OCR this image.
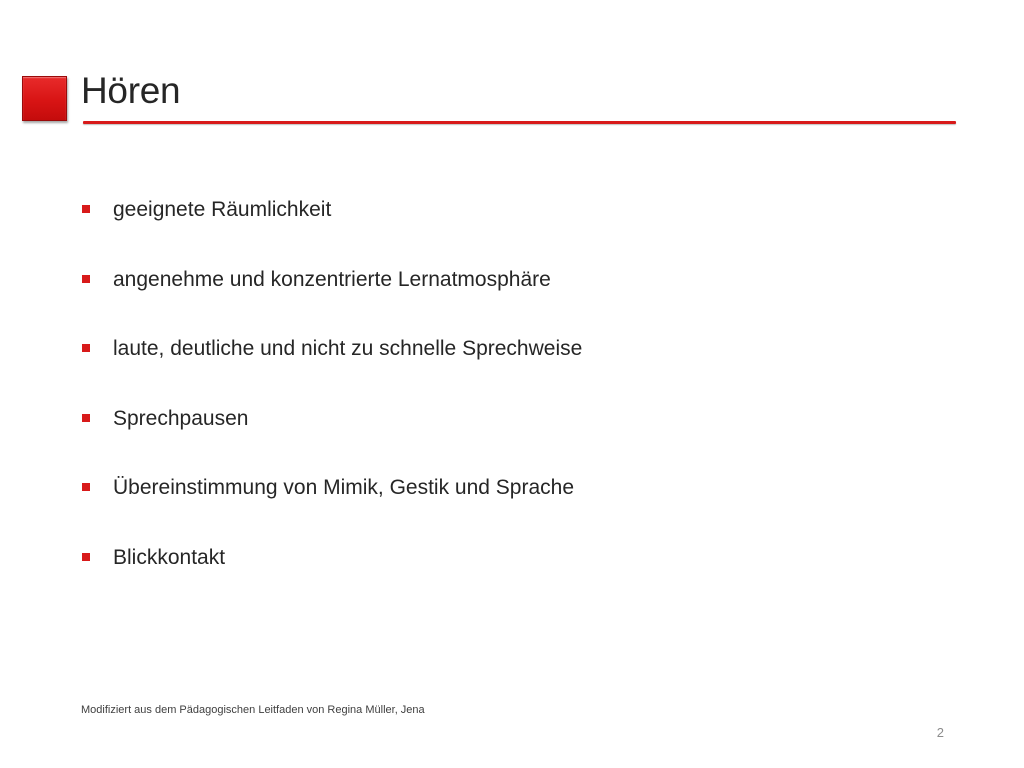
Hören
geeignete Räumlichkeit
angenehme und konzentrierte Lernatmosphäre
laute, deutliche und nicht zu schnelle Sprechweise
Sprechpausen
Übereinstimmung von Mimik, Gestik und Sprache
Blickkontakt
Modifiziert aus dem Pädagogischen Leitfaden von Regina Müller, Jena
2
